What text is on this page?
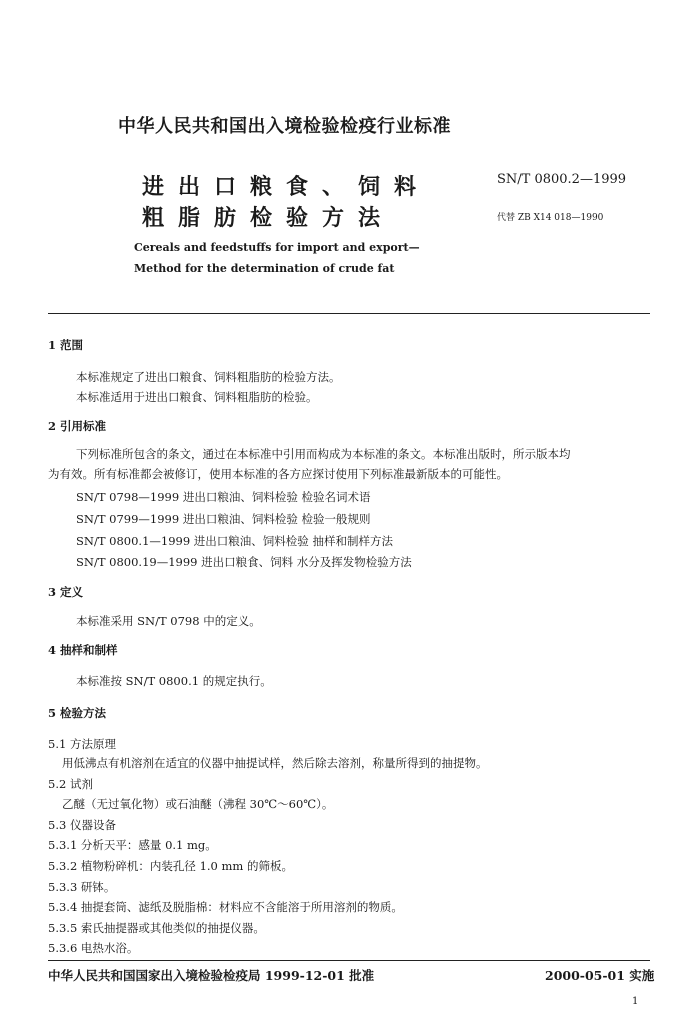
中华人民共和国出入境检验检疫行业标准
进出口粮食、饲料
粗脂肪检验方法
SN/T 0800.2—1999
代替 ZB X14 018—1990
Cereals and feedstuffs for import and export—
Method for the determination of crude fat
1 范围
本标准规定了进出口粮食、饲料粗脂肪的检验方法。
本标准适用于进出口粮食、饲料粗脂肪的检验。
2 引用标准
下列标准所包含的条文，通过在本标准中引用而构成为本标准的条文。本标准出版时，所示版本均
为有效。所有标准都会被修订，使用本标准的各方应探讨使用下列标准最新版本的可能性。
SN/T 0798—1999 进出口粮油、饲料检验 检验名词术语
SN/T 0799—1999 进出口粮油、饲料检验 检验一般规则
SN/T 0800.1—1999 进出口粮油、饲料检验 抽样和制样方法
SN/T 0800.19—1999 进出口粮食、饲料 水分及挥发物检验方法
3 定义
本标准采用 SN/T 0798 中的定义。
4 抽样和制样
本标准按 SN/T 0800.1 的规定执行。
5 检验方法
5.1 方法原理
用低沸点有机溶剂在适宜的仪器中抽提试样，然后除去溶剂，称量所得到的抽提物。
5.2 试剂
乙醚（无过氧化物）或石油醚（沸程 30℃～60℃）。
5.3 仪器设备
5.3.1 分析天平：感量 0.1 mg。
5.3.2 植物粉碎机：内装孔径 1.0 mm 的筛板。
5.3.3 研钵。
5.3.4 抽提套筒、滤纸及脱脂棉：材料应不含能溶于所用溶剂的物质。
5.3.5 索氏抽提器或其他类似的抽提仪器。
5.3.6 电热水浴。
中华人民共和国国家出入境检验检疫局 1999-12-01 批准	2000-05-01 实施
1
